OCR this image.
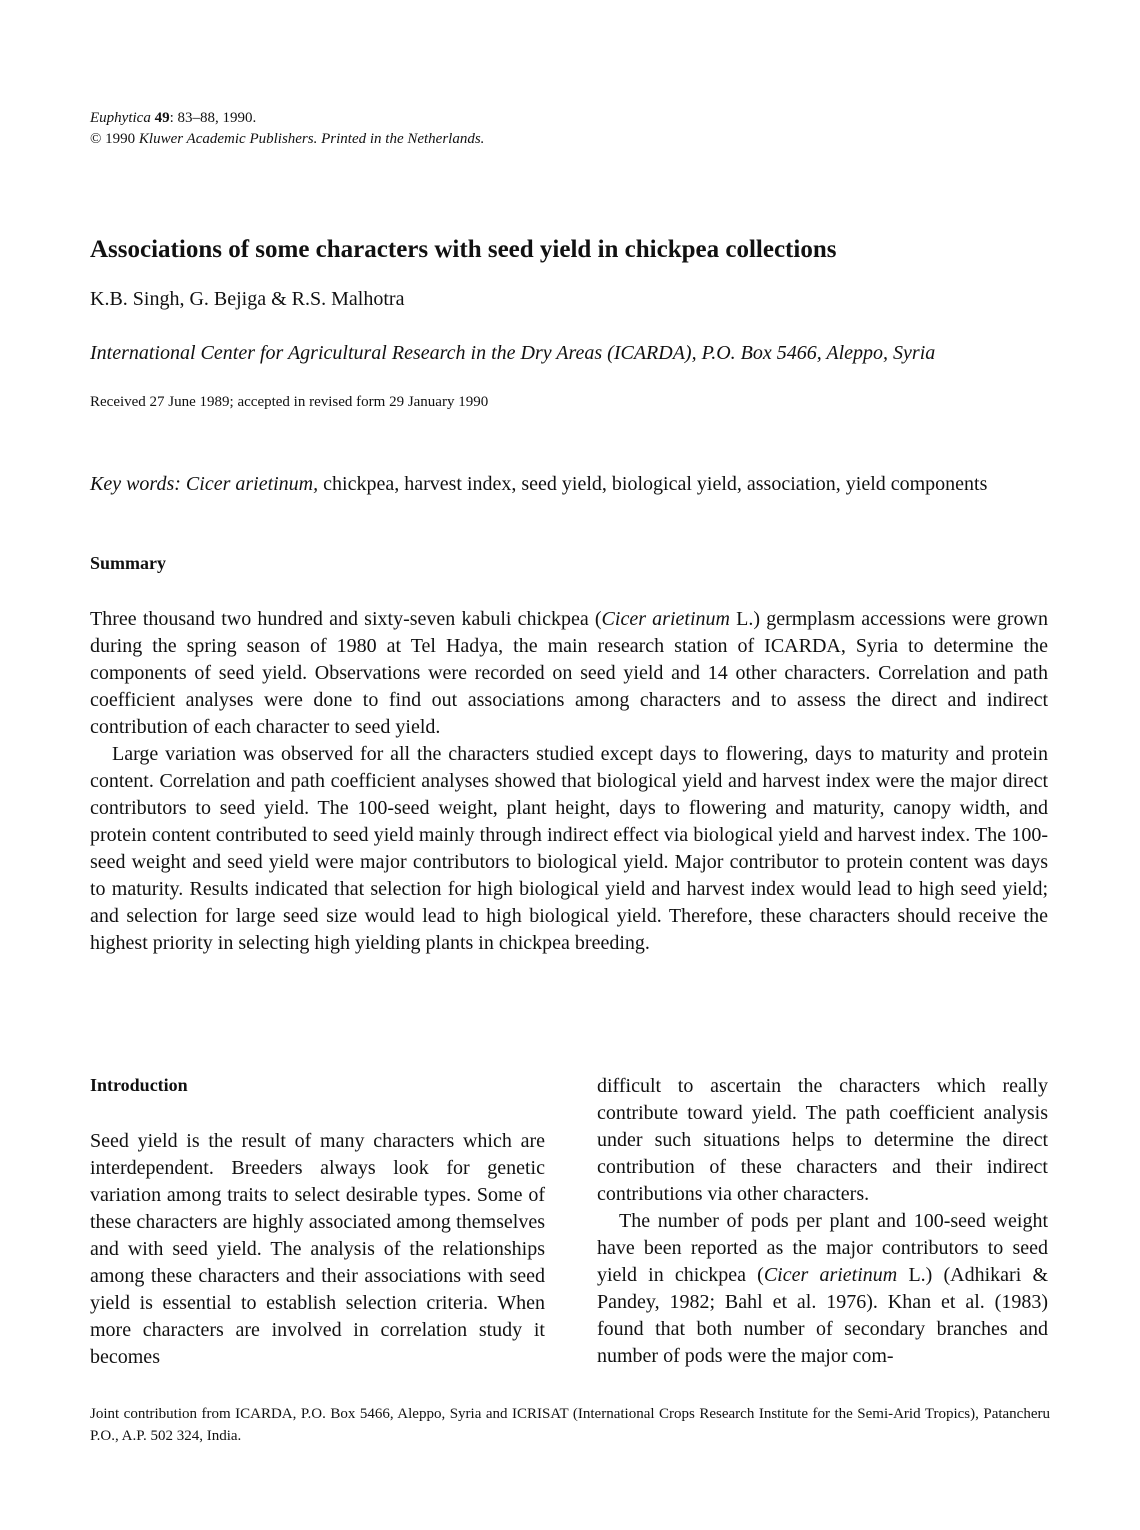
Euphytica 49: 83–88, 1990.
© 1990 Kluwer Academic Publishers. Printed in the Netherlands.
Associations of some characters with seed yield in chickpea collections
K.B. Singh, G. Bejiga & R.S. Malhotra
International Center for Agricultural Research in the Dry Areas (ICARDA), P.O. Box 5466, Aleppo, Syria
Received 27 June 1989; accepted in revised form 29 January 1990
Key words: Cicer arietinum, chickpea, harvest index, seed yield, biological yield, association, yield components
Summary

Three thousand two hundred and sixty-seven kabuli chickpea (Cicer arietinum L.) germplasm accessions were grown during the spring season of 1980 at Tel Hadya, the main research station of ICARDA, Syria to determine the components of seed yield. Observations were recorded on seed yield and 14 other characters. Correlation and path coefficient analyses were done to find out associations among characters and to assess the direct and indirect contribution of each character to seed yield.

Large variation was observed for all the characters studied except days to flowering, days to maturity and protein content. Correlation and path coefficient analyses showed that biological yield and harvest index were the major direct contributors to seed yield. The 100-seed weight, plant height, days to flowering and maturity, canopy width, and protein content contributed to seed yield mainly through indirect effect via biological yield and harvest index. The 100-seed weight and seed yield were major contributors to biological yield. Major contributor to protein content was days to maturity. Results indicated that selection for high biological yield and harvest index would lead to high seed yield; and selection for large seed size would lead to high biological yield. Therefore, these characters should receive the highest priority in selecting high yielding plants in chickpea breeding.

Introduction

Seed yield is the result of many characters which are interdependent. Breeders always look for genetic variation among traits to select desirable types. Some of these characters are highly associated among themselves and with seed yield. The analysis of the relationships among these characters and their associations with seed yield is essential to establish selection criteria. When more characters are involved in correlation study it becomes

difficult to ascertain the characters which really contribute toward yield. The path coefficient analysis under such situations helps to determine the direct contribution of these characters and their indirect contributions via other characters.

The number of pods per plant and 100-seed weight have been reported as the major contributors to seed yield in chickpea (Cicer arietinum L.) (Adhikari & Pandey, 1982; Bahl et al. 1976). Khan et al. (1983) found that both number of secondary branches and number of pods were the major com-

Joint contribution from ICARDA, P.O. Box 5466, Aleppo, Syria and ICRISAT (International Crops Research Institute for the Semi-Arid Tropics), Patancheru P.O., A.P. 502 324, India.
